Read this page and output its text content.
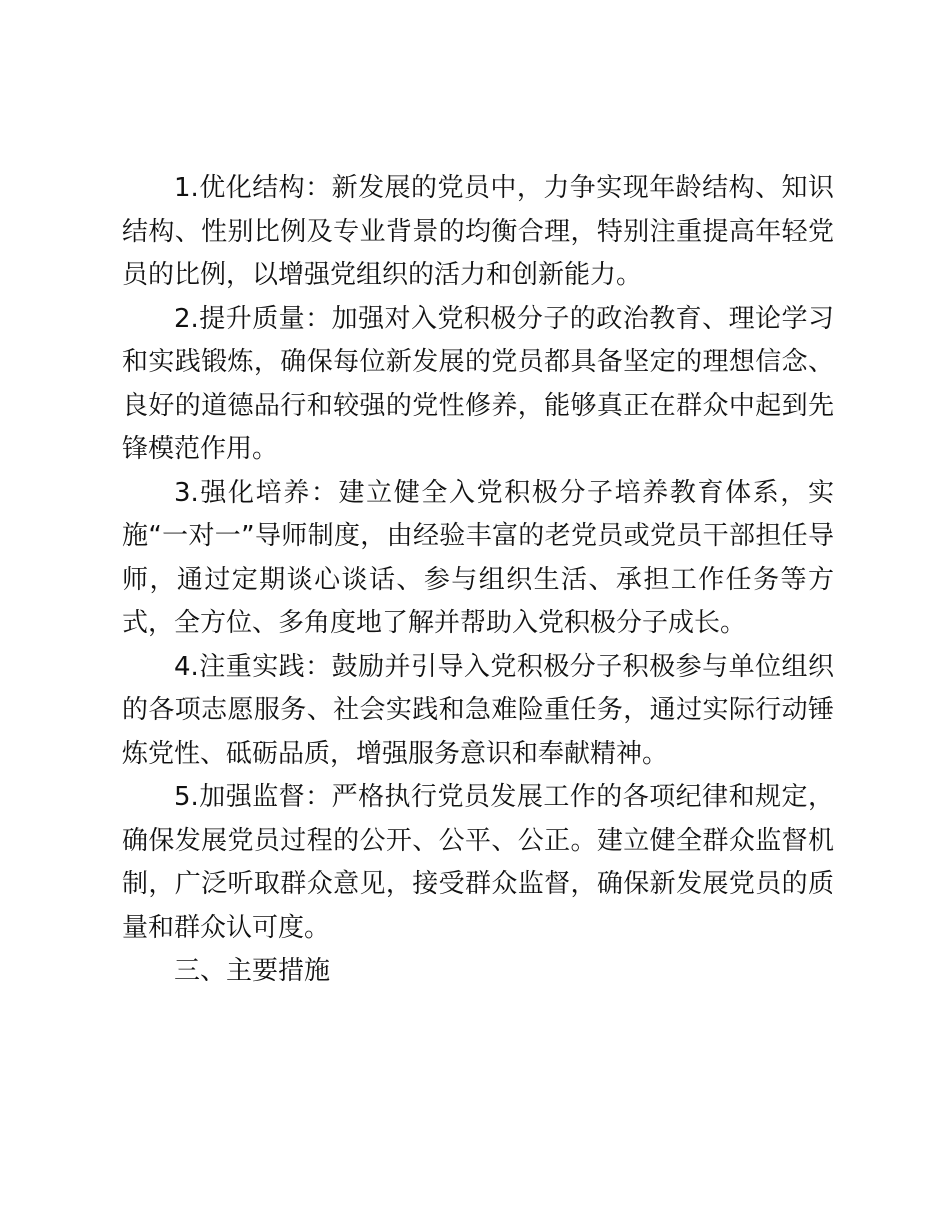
1.优化结构：新发展的党员中，力争实现年龄结构、知识结构、性别比例及专业背景的均衡合理，特别注重提高年轻党员的比例，以增强党组织的活力和创新能力。

2.提升质量：加强对入党积极分子的政治教育、理论学习和实践锻炼，确保每位新发展的党员都具备坚定的理想信念、良好的道德品行和较强的党性修养，能够真正在群众中起到先锋模范作用。

3.强化培养：建立健全入党积极分子培养教育体系，实施“一对一”导师制度，由经验丰富的老党员或党员干部担任导师，通过定期谈心谈话、参与组织生活、承担工作任务等方式，全方位、多角度地了解并帮助入党积极分子成长。

4.注重实践：鼓励并引导入党积极分子积极参与单位组织的各项志愿服务、社会实践和急难险重任务，通过实际行动锤炼党性、砥砺品质，增强服务意识和奉献精神。

5.加强监督：严格执行党员发展工作的各项纪律和规定，确保发展党员过程的公开、公平、公正。建立健全群众监督机制，广泛听取群众意见，接受群众监督，确保新发展党员的质量和群众认可度。

三、主要措施
